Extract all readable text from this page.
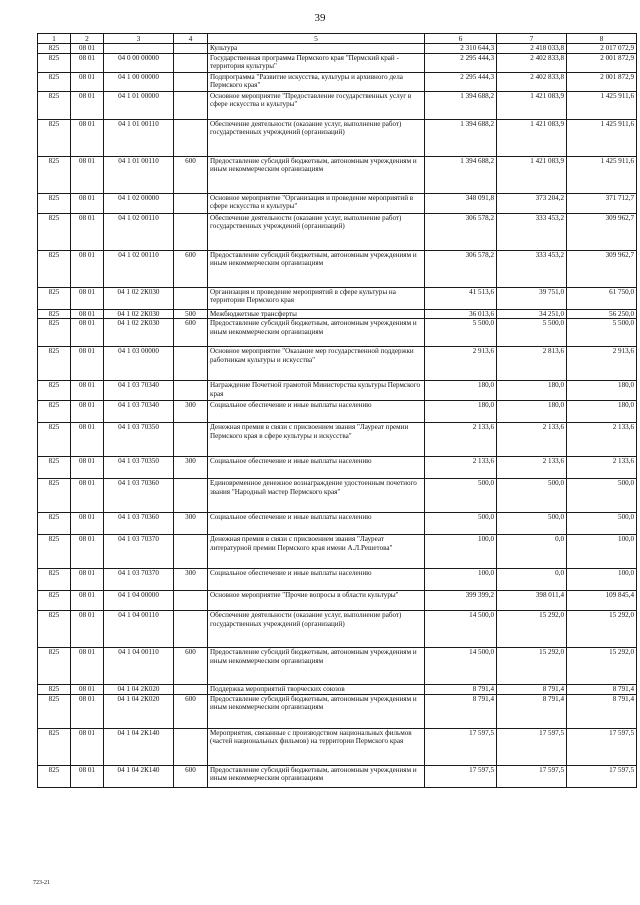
39
1	2	3	4	5	6	7	8
825	08 01			Культура	2 310 644,3	2 418 033,8	2 017 072,9
825	08 01	04 0 00 00000		Государственная программа Пермского края "Пермский край - территория культуры"	2 295 444,3	2 402 833,8	2 001 872,9
825	08 01	04 1 00 00000		Подпрограмма "Развитие искусства, культуры и архивного дела Пермского края"	2 295 444,3	2 402 833,8	2 001 872,9
825	08 01	04 1 01 00000		Основное мероприятие "Предоставление государственных услуг в сфере искусства и культуры"	1 394 688,2	1 421 083,9	1 425 911,6
825	08 01	04 1 01 00110		Обеспечение деятельности (оказание услуг, выполнение работ) государственных учреждений (организаций)	1 394 688,2	1 421 083,9	1 425 911,6
825	08 01	04 1 01 00110	600	Предоставление субсидий бюджетным, автономным учреждениям и иным некоммерческим организациям	1 394 688,2	1 421 083,9	1 425 911,6
825	08 01	04 1 02 00000		Основное мероприятие "Организация и проведение мероприятий в сфере искусства и культуры"	348 091,8	373 204,2	371 712,7
825	08 01	04 1 02 00110		Обеспечение деятельности (оказание услуг, выполнение работ) государственных учреждений (организаций)	306 578,2	333 453,2	309 962,7
825	08 01	04 1 02 00110	600	Предоставление субсидий бюджетным, автономным учреждениям и иным некоммерческим организациям	306 578,2	333 453,2	309 962,7
825	08 01	04 1 02 2К030		Организация и проведение мероприятий в сфере культуры на территории Пермского края	41 513,6	39 751,0	61 750,0
825	08 01	04 1 02 2К030	500	Межбюджетные трансферты	36 013,6	34 251,0	56 250,0
825	08 01	04 1 02 2К030	600	Предоставление субсидий бюджетным, автономным учреждениям и иным некоммерческим организациям	5 500,0	5 500,0	5 500,0
825	08 01	04 1 03 00000		Основное мероприятие "Оказание мер государственной поддержки работникам культуры и искусства"	2 913,6	2 813,6	2 913,6
825	08 01	04 1 03 70340		Награждение Почетной грамотой Министерства культуры Пермского края	180,0	180,0	180,0
825	08 01	04 1 03 70340	300	Социальное обеспечение и иные выплаты населению	180,0	180,0	180,0
825	08 01	04 1 03 70350		Денежная премия в связи с присвоением звания "Лауреат премии Пермского края в сфере культуры и искусства"	2 133,6	2 133,6	2 133,6
825	08 01	04 1 03 70350	300	Социальное обеспечение и иные выплаты населению	2 133,6	2 133,6	2 133,6
825	08 01	04 1 03 70360		Единовременное денежное вознаграждение удостоенным почетного звания "Народный мастер Пермского края"	500,0	500,0	500,0
825	08 01	04 1 03 70360	300	Социальное обеспечение и иные выплаты населению	500,0	500,0	500,0
825	08 01	04 1 03 70370		Денежная премия в связи с присвоением звания "Лауреат литературной премии Пермского края имени А.Л.Решетова"	100,0	0,0	100,0
825	08 01	04 1 03 70370	300	Социальное обеспечение и иные выплаты населению	100,0	0,0	100,0
825	08 01	04 1 04 00000		Основное мероприятие "Прочие вопросы в области культуры"	399 399,2	398 011,4	109 845,4
825	08 01	04 1 04 00110		Обеспечение деятельности (оказание услуг, выполнение работ) государственных учреждений (организаций)	14 500,0	15 292,0	15 292,0
825	08 01	04 1 04 00110	600	Предоставление субсидий бюджетным, автономным учреждениям и иным некоммерческим организациям	14 500,0	15 292,0	15 292,0
825	08 01	04 1 04 2К020		Поддержка мероприятий творческих союзов	8 791,4	8 791,4	8 791,4
825	08 01	04 1 04 2К020	600	Предоставление субсидий бюджетным, автономным учреждениям и иным некоммерческим организациям	8 791,4	8 791,4	8 791,4
825	08 01	04 1 04 2К140		Мероприятия, связанные с производством национальных фильмов (частей национальных фильмов) на территории Пермского края	17 597,5	17 597,5	17 597,5
825	08 01	04 1 04 2К140	600	Предоставление субсидий бюджетным, автономным учреждениям и иным некоммерческим организациям	17 597,5	17 597,5	17 597,5
723-21
